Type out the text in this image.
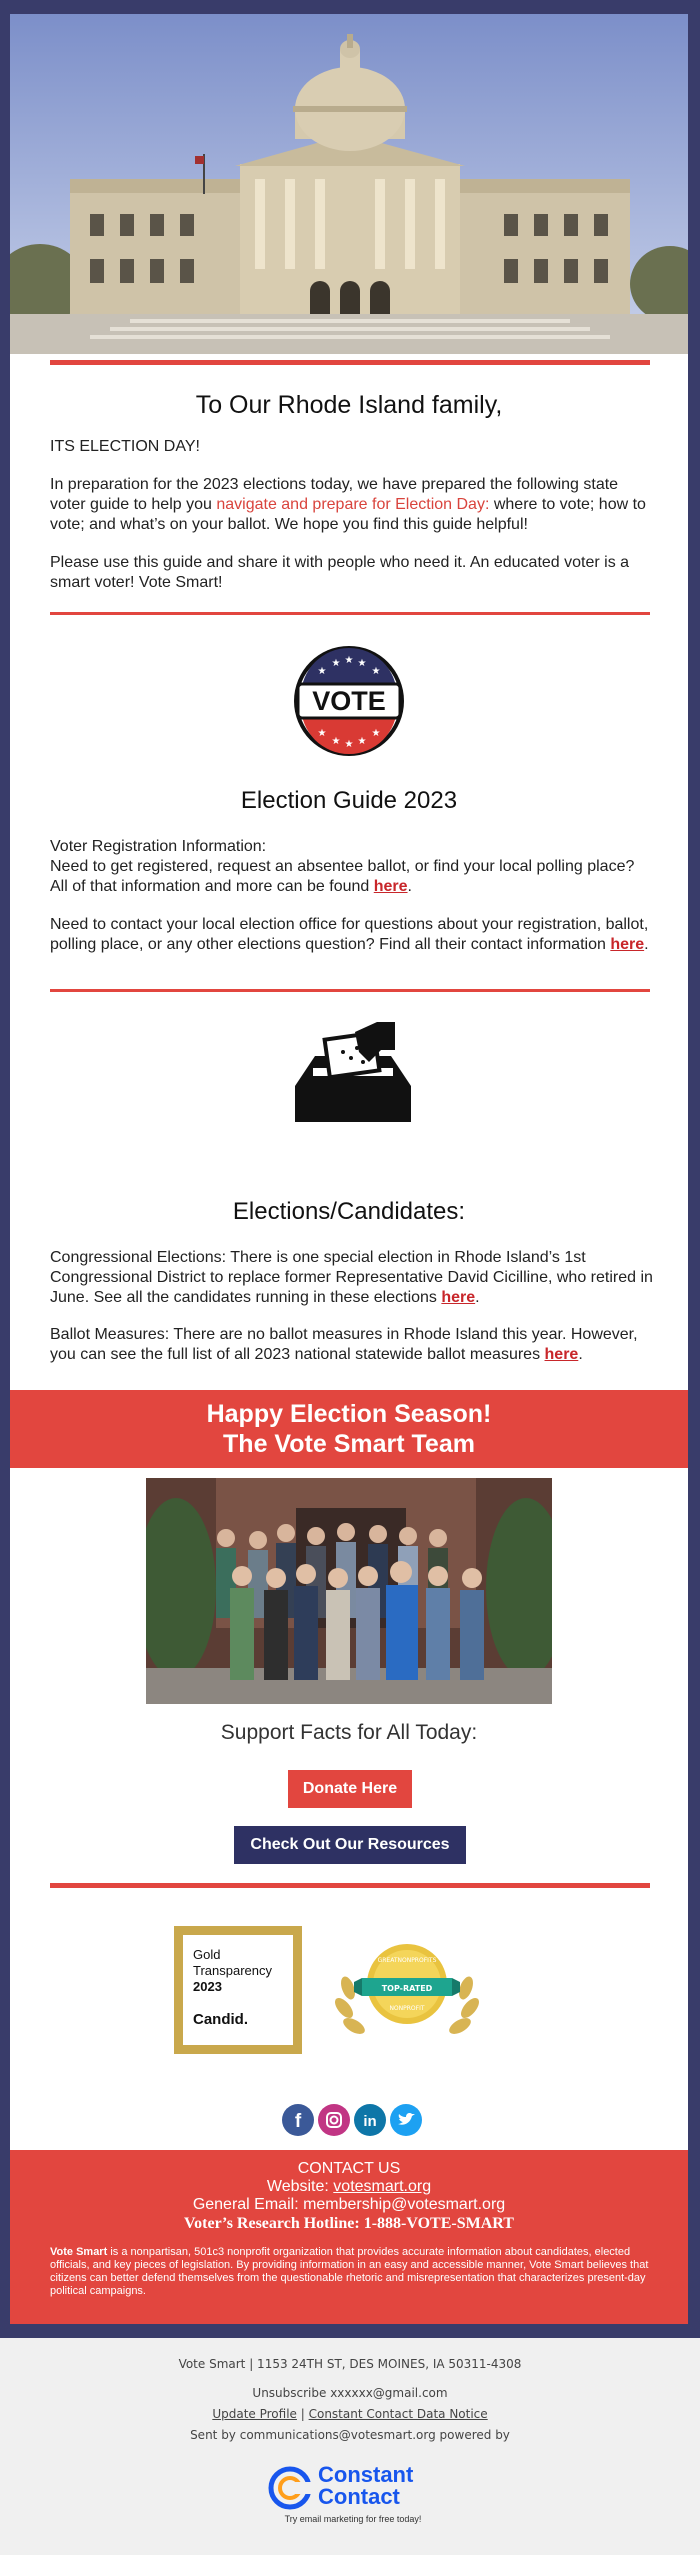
To Our Rhode Island family,
ITS ELECTION DAY!
In preparation for the 2023 elections today, we have prepared the following state voter guide to help you navigate and prepare for Election Day: where to vote; how to vote; and what’s on your ballot. We hope you find this guide helpful!
Please use this guide and share it with people who need it. An educated voter is a smart voter! Vote Smart!
VOTE
★
★ ★ ★
★
★
★ ★ ★
★
Election Guide 2023
Voter Registration Information:
Need to get registered, request an absentee ballot, or find your local polling place? All of that information and more can be found here.
Need to contact your local election office for questions about your registration, ballot, polling place, or any other elections question? Find all their contact information here.
Elections/Candidates:
Congressional Elections: There is one special election in Rhode Island’s 1st Congressional District to replace former Representative David Cicilline, who retired in June. See all the candidates running in these elections here.
Ballot Measures: There are no ballot measures in Rhode Island this year. However, you can see the full list of all 2023 national statewide ballot measures here.
Happy Election Season!
The Vote Smart Team
Support Facts for All Today:
Donate Here
Check Out Our Resources
Gold
Transparency
2023
Candid.
GREATNONPROFITS
TOP-RATED
NONPROFIT
f	in
CONTACT US
Website: votesmart.org
General Email: membership@votesmart.org
Voter’s Research Hotline: 1-888-VOTE-SMART
Vote Smart is a nonpartisan, 501c3 nonprofit organization that provides accurate information about candidates, elected officials, and key pieces of legislation. By providing information in an easy and accessible manner, Vote Smart believes that citizens can better defend themselves from the questionable rhetoric and misrepresentation that characterizes present-day political campaigns.
Vote Smart | 1153 24TH ST, DES MOINES, IA 50311-4308
Unsubscribe xxxxxx@gmail.com
Update Profile | Constant Contact Data Notice
Sent by communications@votesmart.org powered by
Constant
Contact
Try email marketing for free today!
